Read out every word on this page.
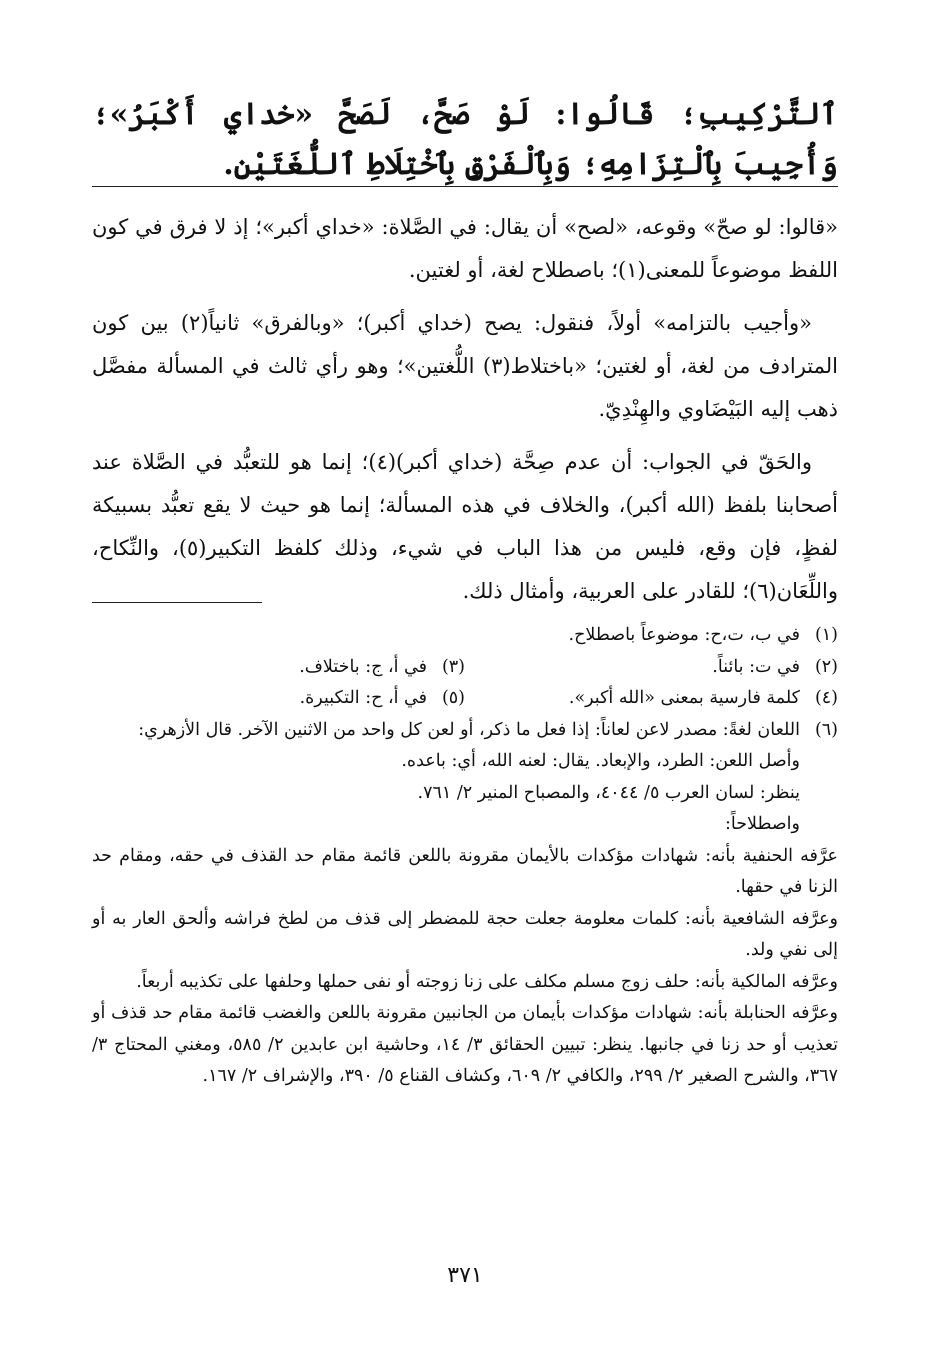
ٱلتَّرْكِيبِ؛ قَالُوا: لَوْ صَحَّ، لَصَحَّ «خداي أَكْبَرُ»؛ وَأُجِيبَ بِٱلْتِزَامِهِ؛ وَبِٱلْفَرْقِ بِٱخْتِلَاطِ ٱللُّغَتَيْنِ.

«قالوا: لو صحّ» وقوعه، «لصح» أن يقال: في الصَّلاة: «خداي أكبر»؛ إذ لا فرق في كون اللفظ موضوعاً للمعنى(١)؛ باصطلاح لغة، أو لغتين.

«وأجيب بالتزامه» أولاً، فنقول: يصح (خداي أكبر)؛ «وبالفرق» ثانياً(٢) بين كون المترادف من لغة، أو لغتين؛ «باختلاط(٣) اللُّغتين»؛ وهو رأي ثالث في المسألة مفصَّل ذهب إليه البَيْضَاوي والهِنْدِيّ.

والحَقّ في الجواب: أن عدم صِحَّة (خداي أكبر)(٤)؛ إنما هو للتعبُّد في الصَّلاة عند أصحابنا بلفظ (الله أكبر)، والخلاف في هذه المسألة؛ إنما هو حيث لا يقع تعبُّد بسبيكة لفظٍ، فإن وقع، فليس من هذا الباب في شيء، وذلك كلفظ التكبير(٥)، والنِّكاح، واللِّعَان(٦)؛ للقادر على العربية، وأمثال ذلك.

(١)
في ب، ت،ح: موضوعاً باصطلاح.
(٢)
في ت: بائناً.
(٣)
في أ، ج: باختلاف.
(٤)
كلمة فارسية بمعنى «الله أكبر».
(٥)
في أ، ح: التكبيرة.
(٦)
اللعان لغةً: مصدر لاعن لعاناً: إذا فعل ما ذكر، أو لعن كل واحد من الاثنين الآخر. قال الأزهري:
وأصل اللعن: الطرد، والإبعاد. يقال: لعنه الله، أي: باعده.
ينظر: لسان العرب ٥/ ٤٠٤٤، والمصباح المنير ٢/ ٧٦١.
واصطلاحاً:
عرَّفه الحنفية بأنه: شهادات مؤكدات بالأيمان مقرونة باللعن قائمة مقام حد القذف في حقه، ومقام حد الزنا في حقها.
وعرَّفه الشافعية بأنه: كلمات معلومة جعلت حجة للمضطر إلى قذف من لطخ فراشه وألحق العار به أو إلى نفي ولد.
وعرَّفه المالكية بأنه: حلف زوج مسلم مكلف على زنا زوجته أو نفى حملها وحلفها على تكذيبه أربعاً.
وعرَّفه الحنابلة بأنه: شهادات مؤكدات بأيمان من الجانبين مقرونة باللعن والغضب قائمة مقام حد قذف أو تعذيب أو حد زنا في جانبها. ينظر: تبيين الحقائق ٣/ ١٤، وحاشية ابن عابدين ٢/ ٥٨٥، ومغني المحتاج ٣/ ٣٦٧، والشرح الصغير ٢/ ٢٩٩، والكافي ٢/ ٦٠٩، وكشاف القناع ٥/ ٣٩٠، والإشراف ٢/ ١٦٧.
٣٧١
